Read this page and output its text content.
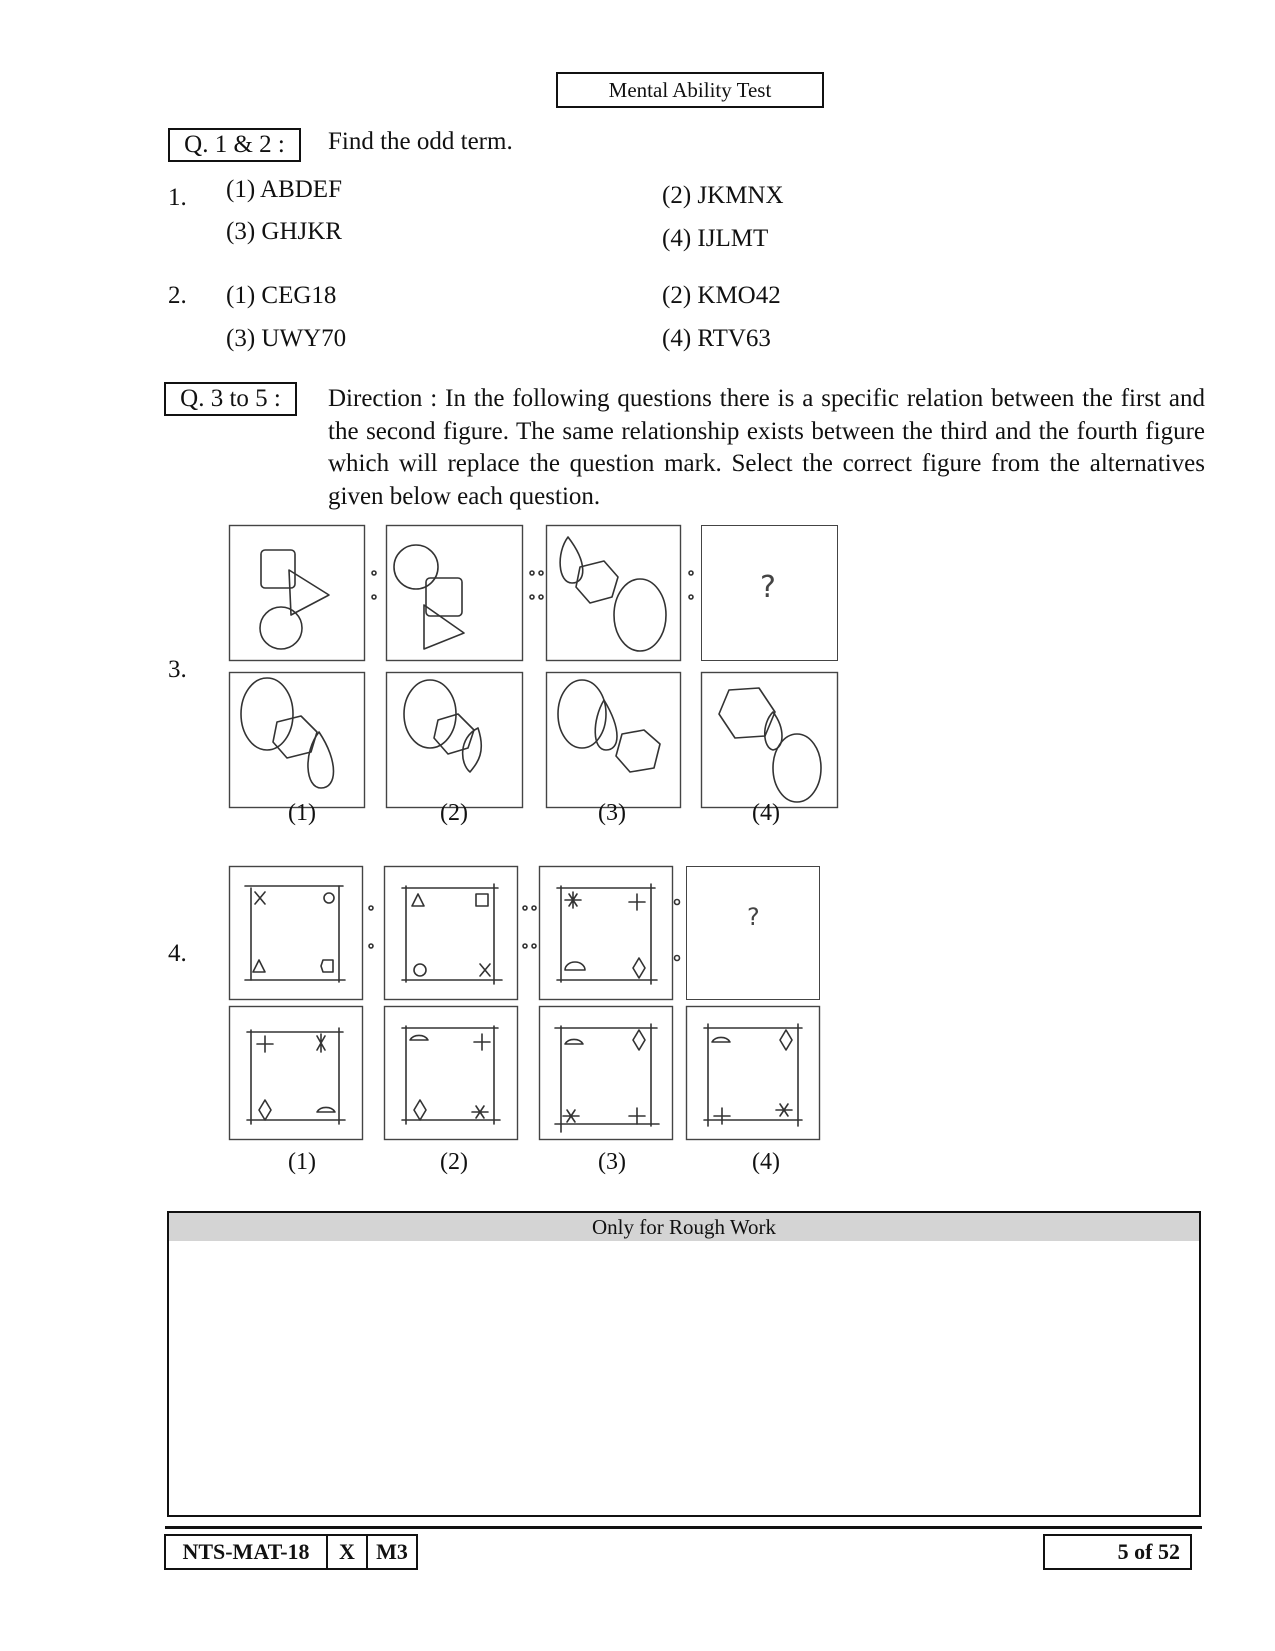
Mental Ability Test
Q. 1 & 2 :	Find the odd term.
1. (1) ABDEF	(2) JKMNX
(3) GHJKR	(4) IJLMT
2. (1) CEG18	(2) KMO42
(3) UWY70	(4) RTV63
Q. 3 to 5 :	Direction : In the following questions there is a specific relation between the first and the second figure. The same relationship exists between the third and the fourth figure which will replace the question mark. Select the correct figure from the alternatives given below each question.
3.
?
(1)	(2)	(3)	(4)
4.
?
(1)	(2)	(3)	(4)
Only for Rough Work
NTS-MAT-18	X M3	5 of 52
